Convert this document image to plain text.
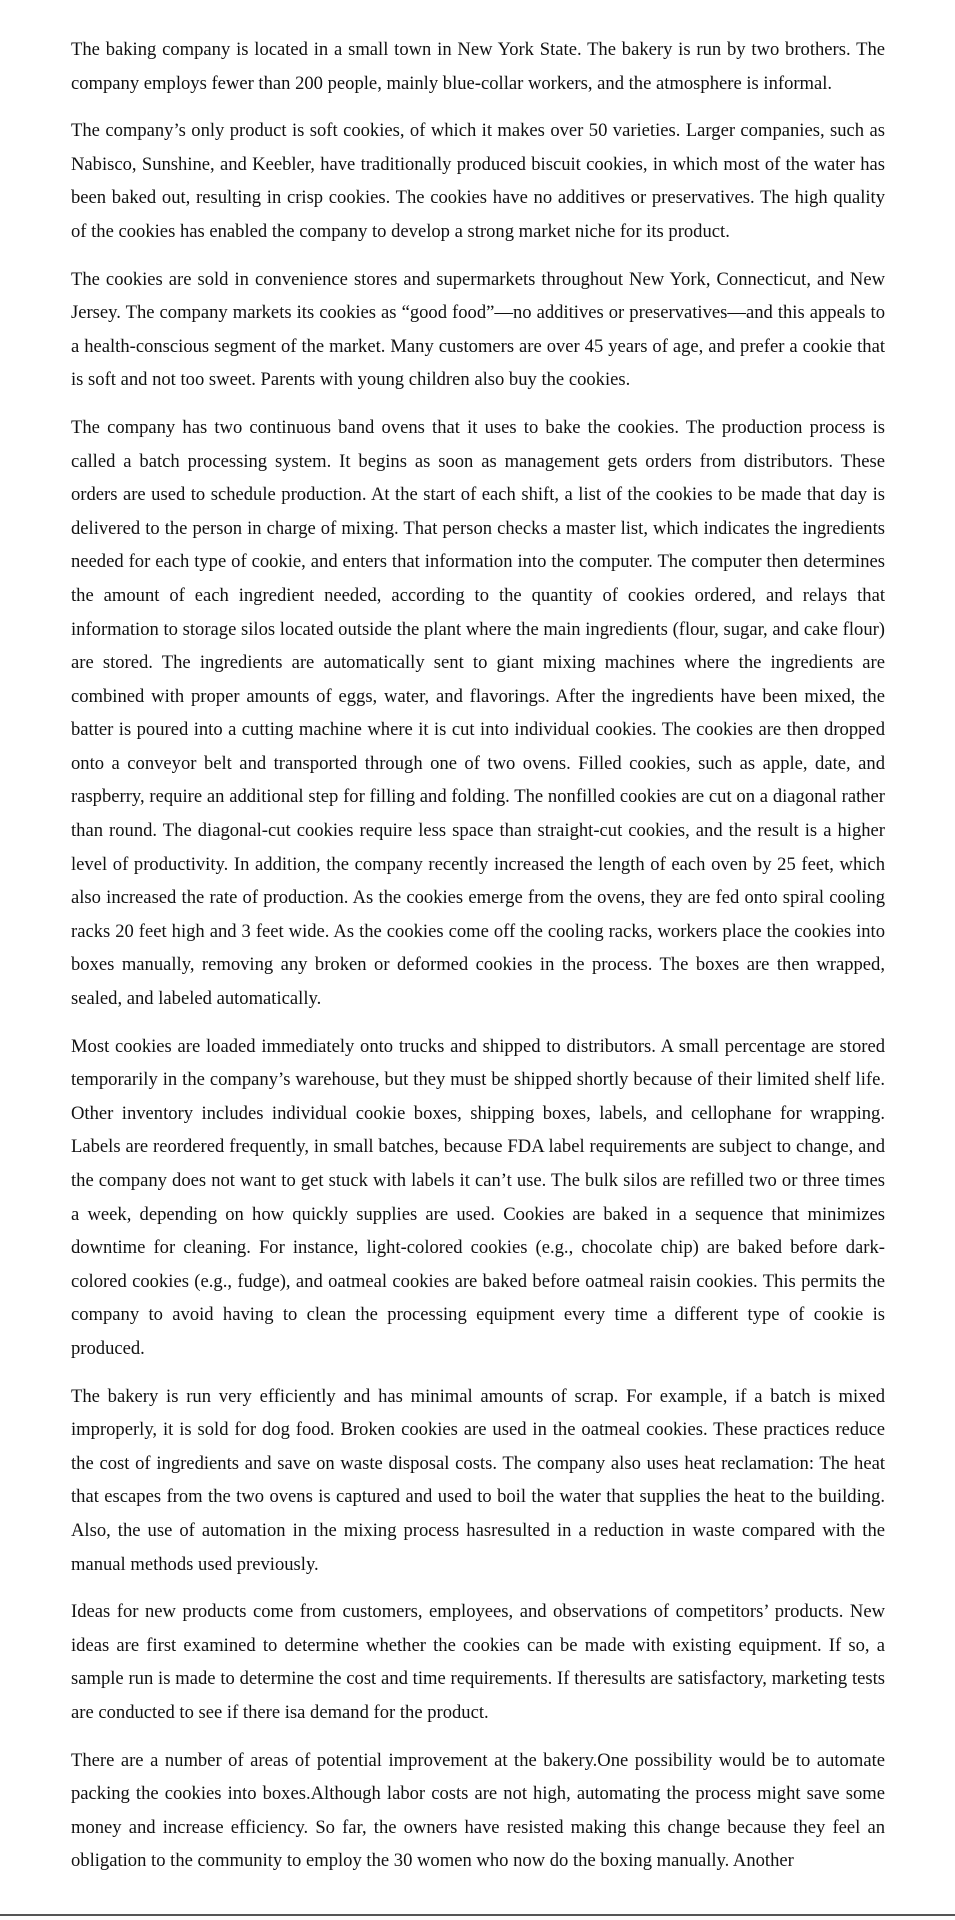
The baking company is located in a small town in New York State. The bakery is run by two brothers. The company employs fewer than 200 people, mainly blue-collar workers, and the atmosphere is informal.

The company’s only product is soft cookies, of which it makes over 50 varieties. Larger companies, such as Nabisco, Sunshine, and Keebler, have traditionally produced biscuit cookies, in which most of the water has been baked out, resulting in crisp cookies. The cookies have no additives or preservatives. The high quality of the cookies has enabled the company to develop a strong market niche for its product.

The cookies are sold in convenience stores and supermarkets throughout New York, Connecticut, and New Jersey. The company markets its cookies as “good food”—no additives or preservatives—and this appeals to a health-conscious segment of the market. Many customers are over 45 years of age, and prefer a cookie that is soft and not too sweet. Parents with young children also buy the cookies.

The company has two continuous band ovens that it uses to bake the cookies. The production process is called a batch processing system. It begins as soon as management gets orders from distributors. These orders are used to schedule production. At the start of each shift, a list of the cookies to be made that day is delivered to the person in charge of mixing. That person checks a master list, which indicates the ingredients needed for each type of cookie, and enters that information into the computer. The computer then determines the amount of each ingredient needed, according to the quantity of cookies ordered, and relays that information to storage silos located outside the plant where the main ingredients (flour, sugar, and cake flour) are stored. The ingredients are automatically sent to giant mixing machines where the ingredients are combined with proper amounts of eggs, water, and flavorings. After the ingredients have been mixed, the batter is poured into a cutting machine where it is cut into individual cookies. The cookies are then dropped onto a conveyor belt and transported through one of two ovens. Filled cookies, such as apple, date, and raspberry, require an additional step for filling and folding. The nonfilled cookies are cut on a diagonal rather than round. The diagonal-cut cookies require less space than straight-cut cookies, and the result is a higher level of productivity. In addition, the company recently increased the length of each oven by 25 feet, which also increased the rate of production. As the cookies emerge from the ovens, they are fed onto spiral cooling racks 20 feet high and 3 feet wide. As the cookies come off the cooling racks, workers place the cookies into boxes manually, removing any broken or deformed cookies in the process. The boxes are then wrapped, sealed, and labeled automatically.

Most cookies are loaded immediately onto trucks and shipped to distributors. A small percentage are stored temporarily in the company’s warehouse, but they must be shipped shortly because of their limited shelf life. Other inventory includes individual cookie boxes, shipping boxes, labels, and cellophane for wrapping. Labels are reordered frequently, in small batches, because FDA label requirements are subject to change, and the company does not want to get stuck with labels it can’t use. The bulk silos are refilled two or three times a week, depending on how quickly supplies are used. Cookies are baked in a sequence that minimizes downtime for cleaning. For instance, light-colored cookies (e.g., chocolate chip) are baked before dark-colored cookies (e.g., fudge), and oatmeal cookies are baked before oatmeal raisin cookies. This permits the company to avoid having to clean the processing equipment every time a different type of cookie is produced.

The bakery is run very efficiently and has minimal amounts of scrap. For example, if a batch is mixed improperly, it is sold for dog food. Broken cookies are used in the oatmeal cookies. These practices reduce the cost of ingredients and save on waste disposal costs. The company also uses heat reclamation: The heat that escapes from the two ovens is captured and used to boil the water that supplies the heat to the building. Also, the use of automation in the mixing process hasresulted in a reduction in waste compared with the manual methods used previously.

Ideas for new products come from customers, employees, and observations of competitors’ products. New ideas are first examined to determine whether the cookies can be made with existing equipment. If so, a sample run is made to determine the cost and time requirements. If theresults are satisfactory, marketing tests are conducted to see if there isa demand for the product.

There are a number of areas of potential improvement at the bakery.One possibility would be to automate packing the cookies into boxes.Although labor costs are not high, automating the process might save some money and increase efficiency. So far, the owners have resisted making this change because they feel an obligation to the community to employ the 30 women who now do the boxing manually. Another
